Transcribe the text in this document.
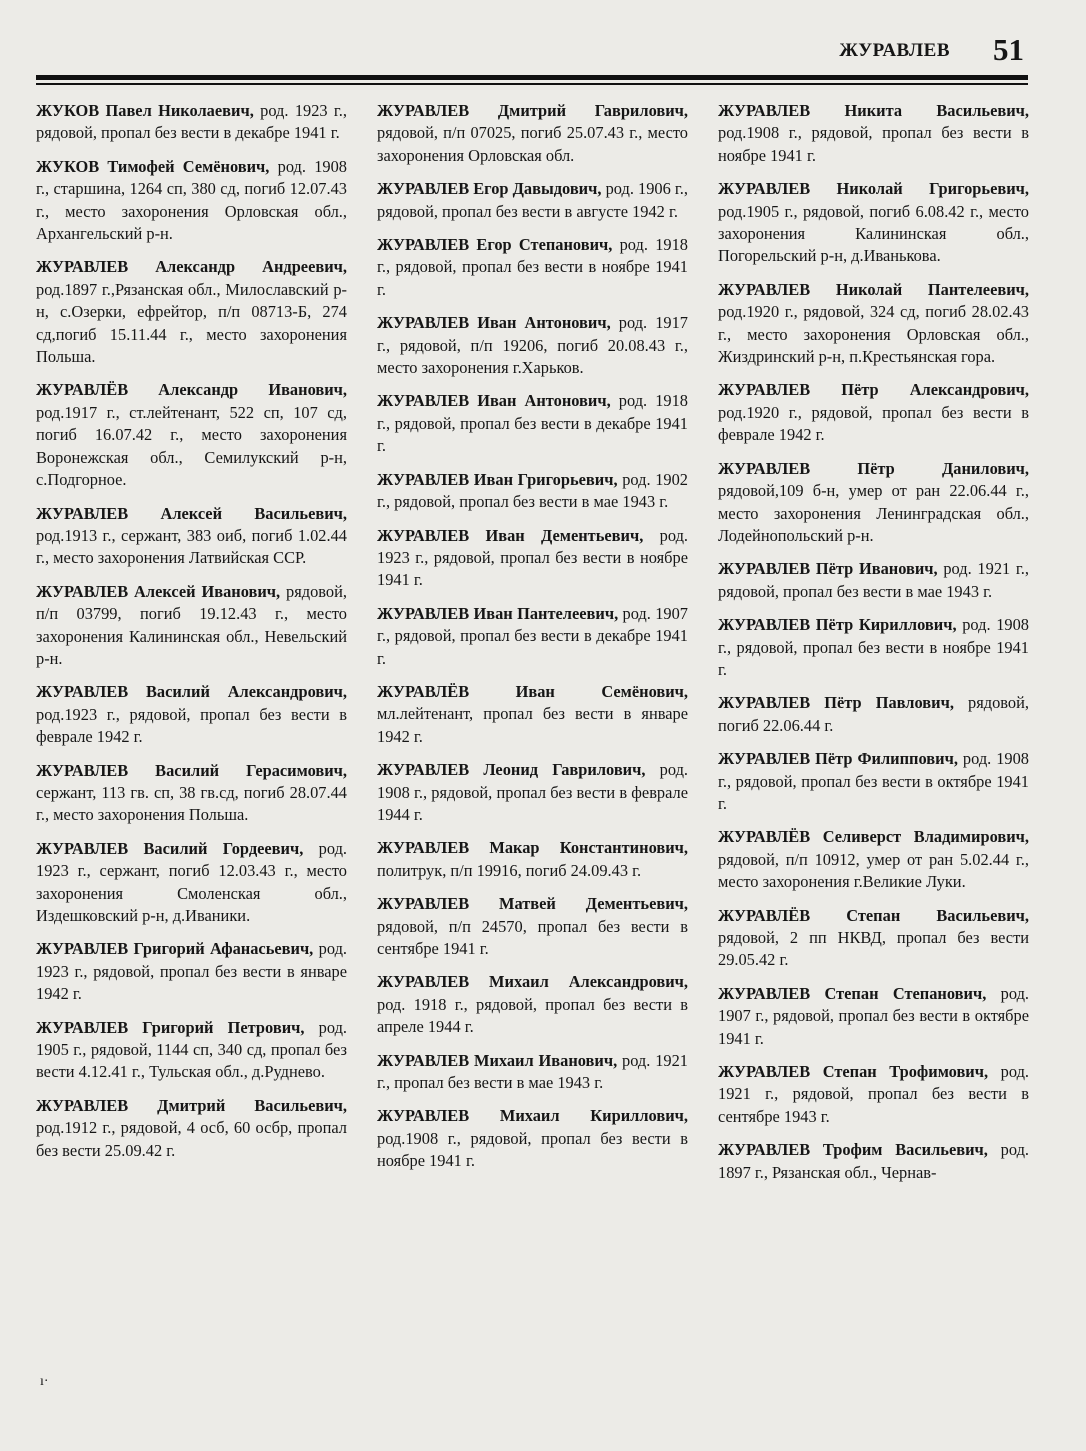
ЖУРАВЛЕВ 51

ЖУКОВ Павел Николаевич, род. 1923 г., рядовой, пропал без вести в декабре 1941 г.

ЖУКОВ Тимофей Семёнович, род. 1908 г., старшина, 1264 сп, 380 сд, погиб 12.07.43 г., место захоронения Орловская обл., Архангельский р-н.

ЖУРАВЛЕВ Александр Андреевич, род.1897 г.,Рязанская обл., Милославский р-н, с.Озерки, ефрейтор, п/п 08713-Б, 274 сд,погиб 15.11.44 г., место захоронения Польша.

ЖУРАВЛЁВ Александр Иванович, род.1917 г., ст.лейтенант, 522 сп, 107 сд, погиб 16.07.42 г., место захоронения Воронежская обл., Семилукский р-н, с.Подгорное.

ЖУРАВЛЕВ Алексей Васильевич, род.1913 г., сержант, 383 оиб, погиб 1.02.44 г., место захоронения Латвийская ССР.

ЖУРАВЛЕВ Алексей Иванович, рядовой, п/п 03799, погиб 19.12.43 г., место захоронения Калининская обл., Невельский р-н.

ЖУРАВЛЕВ Василий Александрович, род.1923 г., рядовой, пропал без вести в феврале 1942 г.

ЖУРАВЛЕВ Василий Герасимович, сержант, 113 гв. сп, 38 гв.сд, погиб 28.07.44 г., место захоронения Польша.

ЖУРАВЛЕВ Василий Гордеевич, род. 1923 г., сержант, погиб 12.03.43 г., место захоронения Смоленская обл., Издешковский р-н, д.Иваники.

ЖУРАВЛЕВ Григорий Афанасьевич, род. 1923 г., рядовой, пропал без вести в январе 1942 г.

ЖУРАВЛЕВ Григорий Петрович, род. 1905 г., рядовой, 1144 сп, 340 сд, пропал без вести 4.12.41 г., Тульская обл., д.Руднево.

ЖУРАВЛЕВ Дмитрий Васильевич, род.1912 г., рядовой, 4 осб, 60 осбр, пропал без вести 25.09.42 г.

ЖУРАВЛЕВ Дмитрий Гаврилович, рядовой, п/п 07025, погиб 25.07.43 г., место захоронения Орловская обл.

ЖУРАВЛЕВ Егор Давыдович, род. 1906 г., рядовой, пропал без вести в августе 1942 г.

ЖУРАВЛЕВ Егор Степанович, род. 1918 г., рядовой, пропал без вести в ноябре 1941 г.

ЖУРАВЛЕВ Иван Антонович, род. 1917 г., рядовой, п/п 19206, погиб 20.08.43 г., место захоронения г.Харьков.

ЖУРАВЛЕВ Иван Антонович, род. 1918 г., рядовой, пропал без вести в декабре 1941 г.

ЖУРАВЛЕВ Иван Григорьевич, род. 1902 г., рядовой, пропал без вести в мае 1943 г.

ЖУРАВЛЕВ Иван Дементьевич, род. 1923 г., рядовой, пропал без вести в ноябре 1941 г.

ЖУРАВЛЕВ Иван Пантелеевич, род. 1907 г., рядовой, пропал без вести в декабре 1941 г.

ЖУРАВЛЁВ Иван Семёнович, мл.лейтенант, пропал без вести в январе 1942 г.

ЖУРАВЛЕВ Леонид Гаврилович, род. 1908 г., рядовой, пропал без вести в феврале 1944 г.

ЖУРАВЛЕВ Макар Константинович, политрук, п/п 19916, погиб 24.09.43 г.

ЖУРАВЛЕВ Матвей Дементьевич, рядовой, п/п 24570, пропал без вести в сентябре 1941 г.

ЖУРАВЛЕВ Михаил Александрович, род. 1918 г., рядовой, пропал без вести в апреле 1944 г.

ЖУРАВЛЕВ Михаил Иванович, род. 1921 г., пропал без вести в мае 1943 г.

ЖУРАВЛЕВ Михаил Кириллович, род.1908 г., рядовой, пропал без вести в ноябре 1941 г.

ЖУРАВЛЕВ Никита Васильевич, род.1908 г., рядовой, пропал без вести в ноябре 1941 г.

ЖУРАВЛЕВ Николай Григорьевич, род.1905 г., рядовой, погиб 6.08.42 г., место захоронения Калининская обл., Погорельский р-н, д.Иванькова.

ЖУРАВЛЕВ Николай Пантелеевич, род.1920 г., рядовой, 324 сд, погиб 28.02.43 г., место захоронения Орловская обл., Жиздринский р-н, п.Крестьянская гора.

ЖУРАВЛЕВ Пётр Александрович, род.1920 г., рядовой, пропал без вести в феврале 1942 г.

ЖУРАВЛЕВ Пётр Данилович, рядовой,109 б-н, умер от ран 22.06.44 г., место захоронения Ленинградская обл., Лодейнопольский р-н.

ЖУРАВЛЕВ Пётр Иванович, род. 1921 г., рядовой, пропал без вести в мае 1943 г.

ЖУРАВЛЕВ Пётр Кириллович, род. 1908 г., рядовой, пропал без вести в ноябре 1941 г.

ЖУРАВЛЕВ Пётр Павлович, рядовой, погиб 22.06.44 г.

ЖУРАВЛЕВ Пётр Филиппович, род. 1908 г., рядовой, пропал без вести в октябре 1941 г.

ЖУРАВЛЁВ Селиверст Владимирович, рядовой, п/п 10912, умер от ран 5.02.44 г., место захоронения г.Великие Луки.

ЖУРАВЛЁВ Степан Васильевич, рядовой, 2 пп НКВД, пропал без вести 29.05.42 г.

ЖУРАВЛЕВ Степан Степанович, род. 1907 г., рядовой, пропал без вести в октябре 1941 г.

ЖУРАВЛЕВ Степан Трофимович, род. 1921 г., рядовой, пропал без вести в сентябре 1943 г.

ЖУРАВЛЕВ Трофим Васильевич, род. 1897 г., Рязанская обл., Чернав-

ı·
